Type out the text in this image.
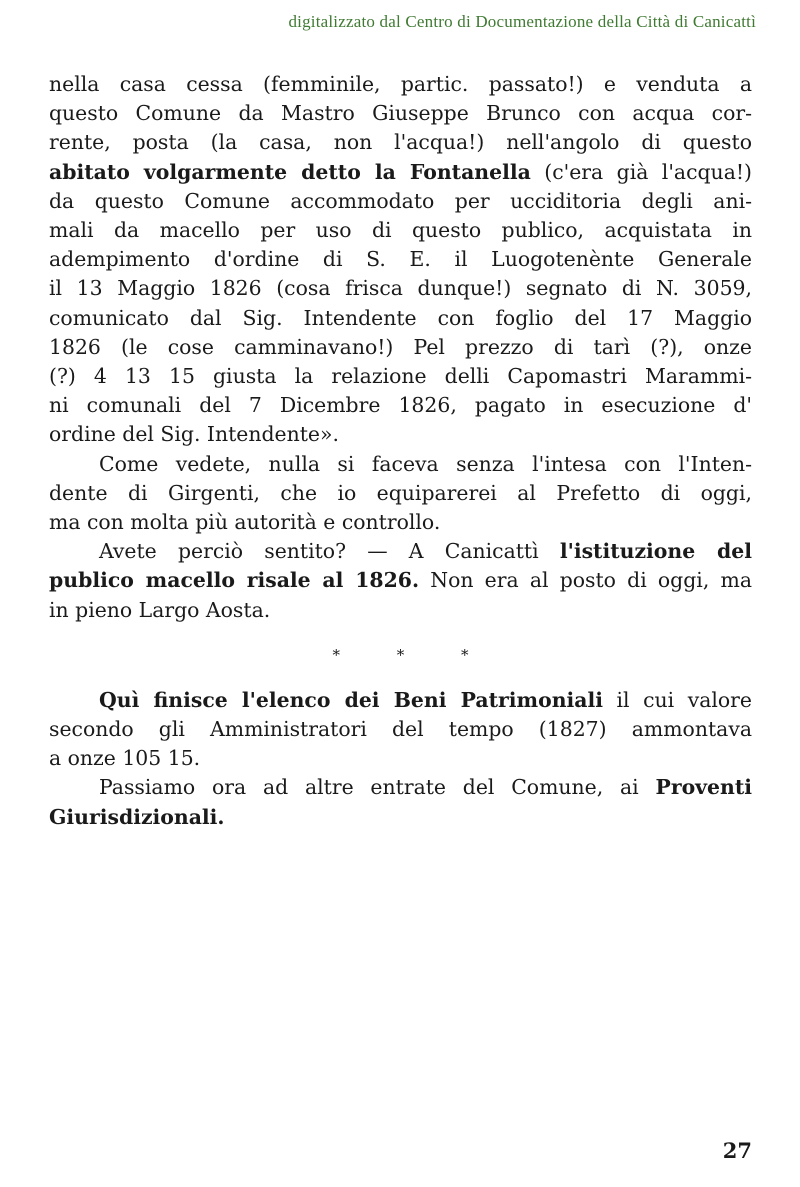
digitalizzato dal Centro di Documentazione della Città di Canicattì
nella casa cessa (femminile, partic. passato!) e venduta a
questo Comune da Mastro Giuseppe Brunco con acqua cor-
rente, posta (la casa, non l'acqua!) nell'angolo di questo
abitato volgarmente detto la Fontanella (c'era già l'acqua!)
da questo Comune accommodato per ucciditoria degli ani-
mali da macello per uso di questo publico, acquistata in
adempimento d'ordine di S. E. il Luogotenènte Generale
il 13 Maggio 1826 (cosa frisca dunque!) segnato di N. 3059,
comunicato dal Sig. Intendente con foglio del 17 Maggio
1826 (le cose camminavano!) Pel prezzo di tarì (?), onze
(?) 4 13 15 giusta la relazione delli Capomastri Marammi-
ni comunali del 7 Dicembre 1826, pagato in esecuzione d'
ordine del Sig. Intendente».
Come vedete, nulla si faceva senza l'intesa con l'Inten-
dente di Girgenti, che io equiparerei al Prefetto di oggi,
ma con molta più autorità e controllo.
Avete perciò sentito? — A Canicattì l'istituzione del
publico macello risale al 1826. Non era al posto di oggi, ma
in pieno Largo Aosta.
* * *
Quì finisce l'elenco dei Beni Patrimoniali il cui valore
secondo gli Amministratori del tempo (1827) ammontava
a onze 105 15.
Passiamo ora ad altre entrate del Comune, ai Proventi
Giurisdizionali.
27
